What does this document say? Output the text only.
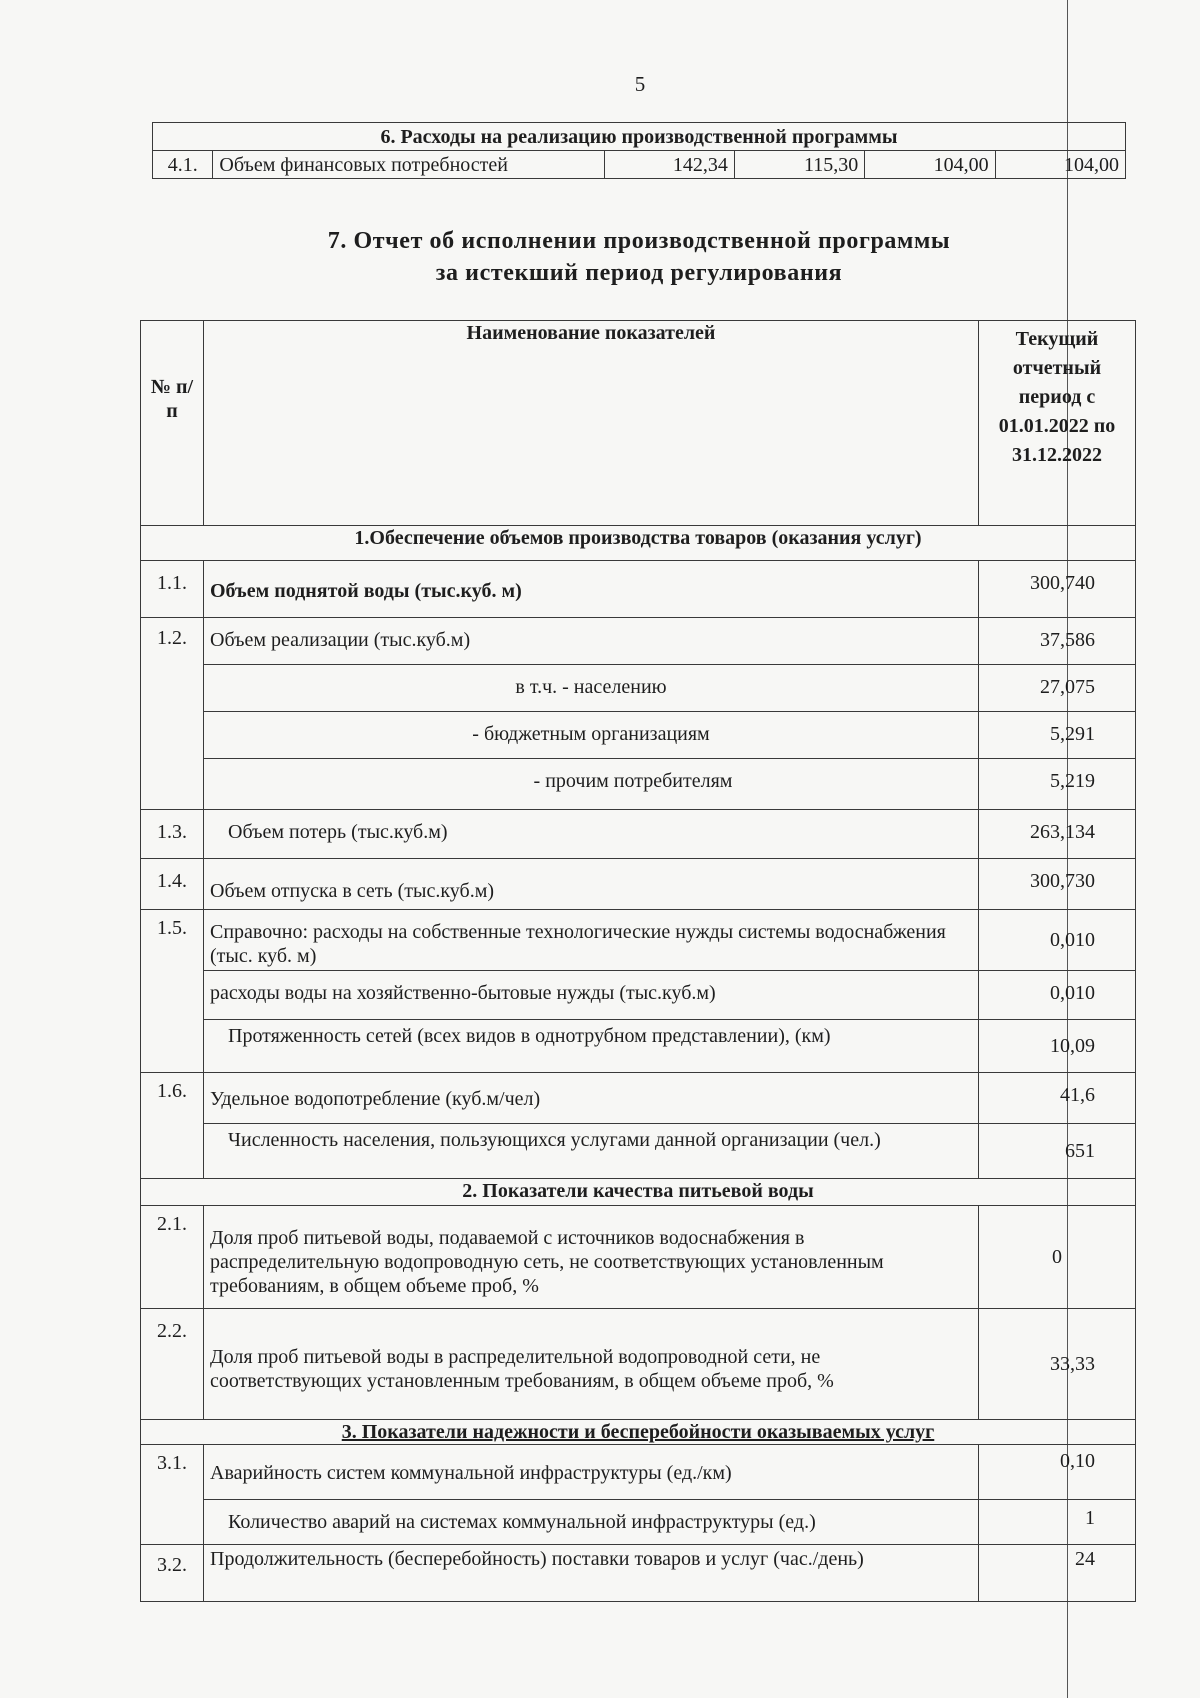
5
6. Расходы на реализацию производственной программы
4.1.	Объем финансовых потребностей	142,34	115,30	104,00	104,00
7. Отчет об исполнении производственной программы
за истекший период регулирования
№ п/п	Наименование показателей	Текущий отчетный период с 01.01.2022 по 31.12.2022
1.Обеспечение объемов производства товаров (оказания услуг)		
1.1.	Объем поднятой воды (тыс.куб. м)	300,740
1.2.	Объем реализации (тыс.куб.м)	37,586
	в т.ч. - населению	27,075
	- бюджетным организациям	5,291
	- прочим потребителям	5,219
1.3.	Объем потерь (тыс.куб.м)	263,134
1.4.	Объем отпуска в сеть (тыс.куб.м)	300,730
1.5.	Справочно: расходы на собственные технологические нужды системы водоснабжения (тыс. куб. м)	0,010
	расходы воды на хозяйственно-бытовые нужды (тыс.куб.м)	0,010
	Протяженность сетей (всех видов в однотрубном представлении), (км)	10,09
1.6.	Удельное водопотребление (куб.м/чел)	41,6
	Численность населения, пользующихся услугами данной организации (чел.)	651
2. Показатели качества питьевой воды		
2.1.	Доля проб питьевой воды, подаваемой с источников водоснабжения в распределительную водопроводную сеть, не соответствующих установленным требованиям, в общем объеме проб, %	0
2.2.	Доля проб питьевой воды в распределительной водопроводной сети, не соответствующих установленным требованиям, в общем объеме проб, %	33,33
3. Показатели надежности и бесперебойности оказываемых услуг		
3.1.	Аварийность систем коммунальной инфраструктуры (ед./км)	0,10
	Количество аварий на системах коммунальной инфраструктуры (ед.)	1
3.2.	Продолжительность (бесперебойность) поставки товаров и услуг (час./день)	24
